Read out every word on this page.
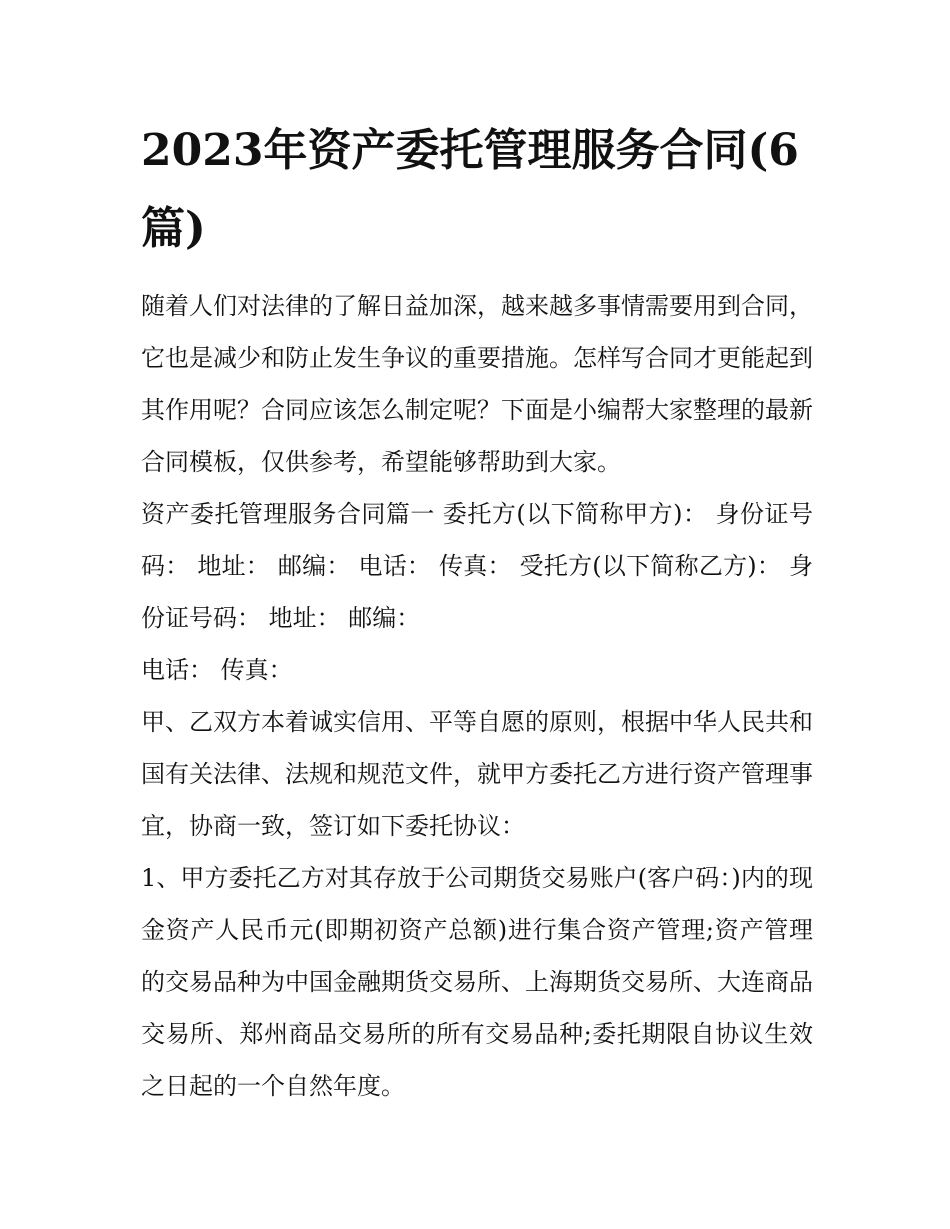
2023年资产委托管理服务合同(6篇)

随着人们对法律的了解日益加深，越来越多事情需要用到合同，它也是减少和防止发生争议的重要措施。怎样写合同才更能起到其作用呢？合同应该怎么制定呢？下面是小编帮大家整理的最新合同模板，仅供参考，希望能够帮助到大家。

资产委托管理服务合同篇一 委托方(以下简称甲方)： 身份证号码： 地址： 邮编： 电话： 传真： 受托方(以下简称乙方)： 身份证号码： 地址： 邮编：

电话： 传真：

甲、乙双方本着诚实信用、平等自愿的原则，根据中华人民共和国有关法律、法规和规范文件，就甲方委托乙方进行资产管理事宜，协商一致，签订如下委托协议：

1、甲方委托乙方对其存放于公司期货交易账户(客户码：)内的现金资产人民币元(即期初资产总额)进行集合资产管理;资产管理的交易品种为中国金融期货交易所、上海期货交易所、大连商品交易所、郑州商品交易所的所有交易品种;委托期限自协议生效之日起的一个自然年度。
